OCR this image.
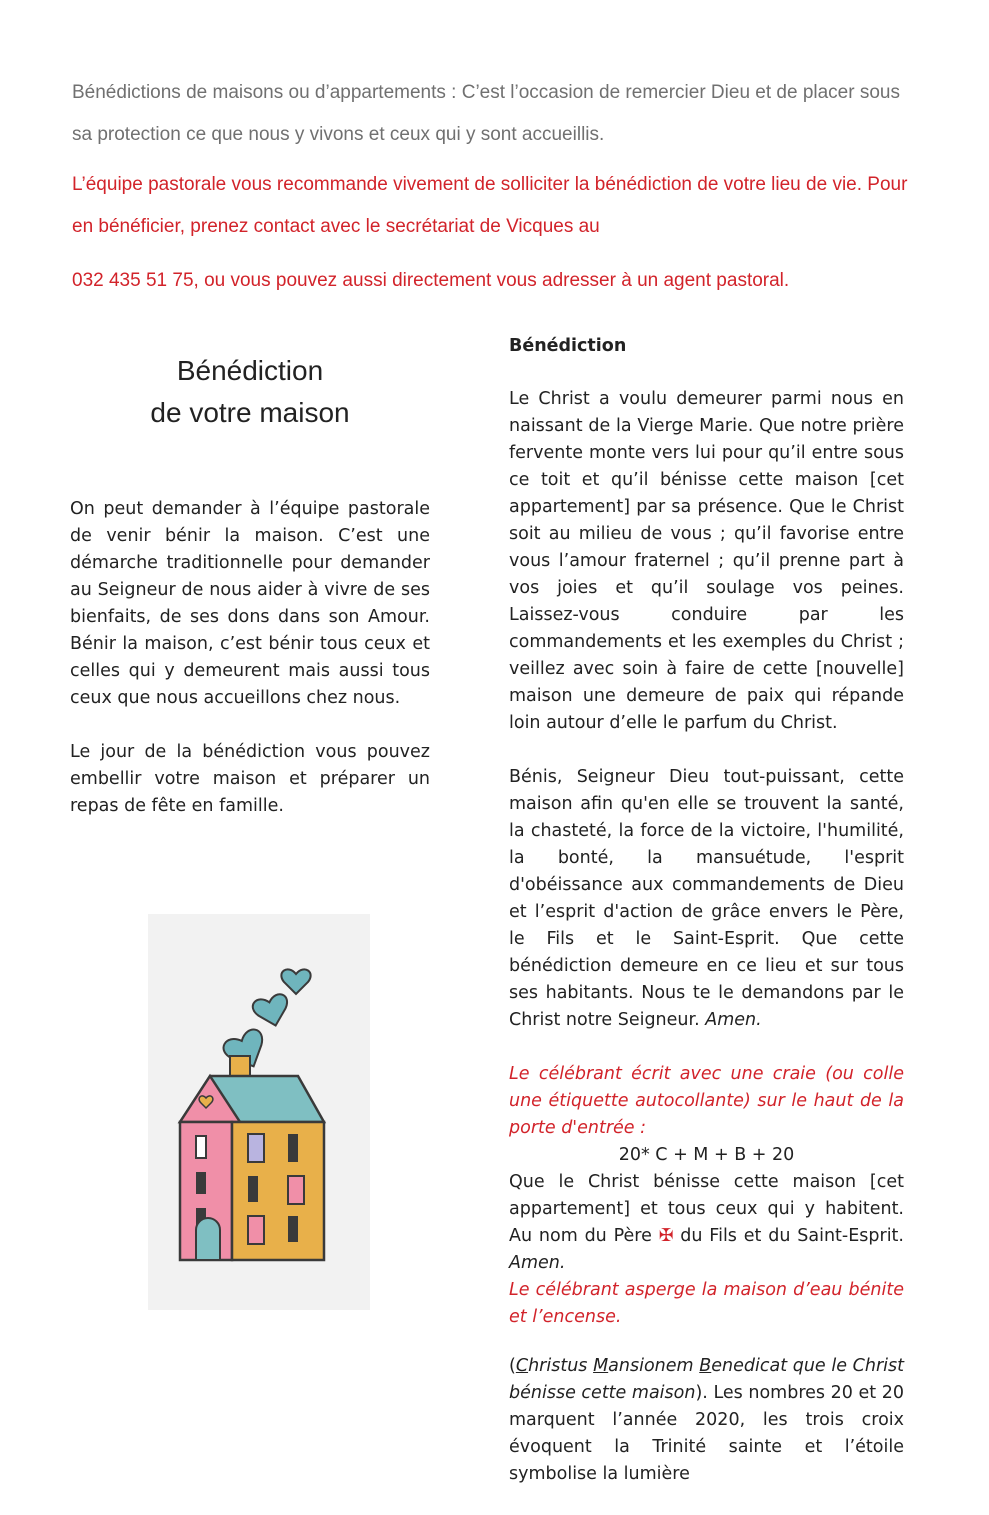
Bénédictions de maisons ou d’appartements : C’est l’occasion de remercier Dieu et de placer sous sa protection ce que nous y vivons et ceux qui y sont accueillis.

L’équipe pastorale vous recommande vivement de solliciter la bénédiction de votre lieu de vie. Pour en bénéficier, prenez contact avec le secrétariat de Vicques au

032 435 51 75, ou vous pouvez aussi directement vous adresser à un agent pastoral.

Bénédiction
de votre maison

On peut demander à l’équipe pastorale de venir bénir la maison. C’est une démarche traditionnelle pour demander au Seigneur de nous aider à vivre de ses bienfaits, de ses dons dans son Amour. Bénir la maison, c’est bénir tous ceux et celles qui y demeurent mais aussi tous ceux que nous accueillons chez nous.

Le jour de la bénédiction vous pouvez embellir votre maison et préparer un repas de fête en famille.

Bénédiction

Le Christ a voulu demeurer parmi nous en naissant de la Vierge Marie. Que notre prière fervente monte vers lui pour qu’il entre sous ce toit et qu’il bénisse cette maison [cet appartement] par sa présence. Que le Christ soit au milieu de vous ; qu’il favorise entre vous l’amour fraternel ; qu’il prenne part à vos joies et qu’il soulage vos peines. Laissez-vous conduire par les commandements et les exemples du Christ ; veillez avec soin à faire de cette [nouvelle] maison une demeure de paix qui répande loin autour d’elle le parfum du Christ.

Bénis, Seigneur Dieu tout-puissant, cette maison afin qu'en elle se trouvent la santé, la chasteté, la force de la victoire, l'humilité, la bonté, la mansuétude, l'esprit d'obéissance aux commandements de Dieu et l’esprit d'action de grâce envers le Père, le Fils et le Saint-Esprit. Que cette bénédiction demeure en ce lieu et sur tous ses habitants. Nous te le demandons par le Christ notre Seigneur. Amen.

Le célébrant écrit avec une craie (ou colle une étiquette autocollante) sur le haut de la porte d'entrée :

20* C + M + B + 20

Que le Christ bénisse cette maison [cet appartement] et tous ceux qui y habitent. Au nom du Père ✠ du Fils et du Saint-Esprit. Amen.

Le célébrant asperge la maison d’eau bénite et l’encense.

(Christus Mansionem Benedicat que le Christ bénisse cette maison). Les nombres 20 et 20 marquent l’année 2020, les trois croix évoquent la Trinité sainte et l’étoile symbolise la lumière
